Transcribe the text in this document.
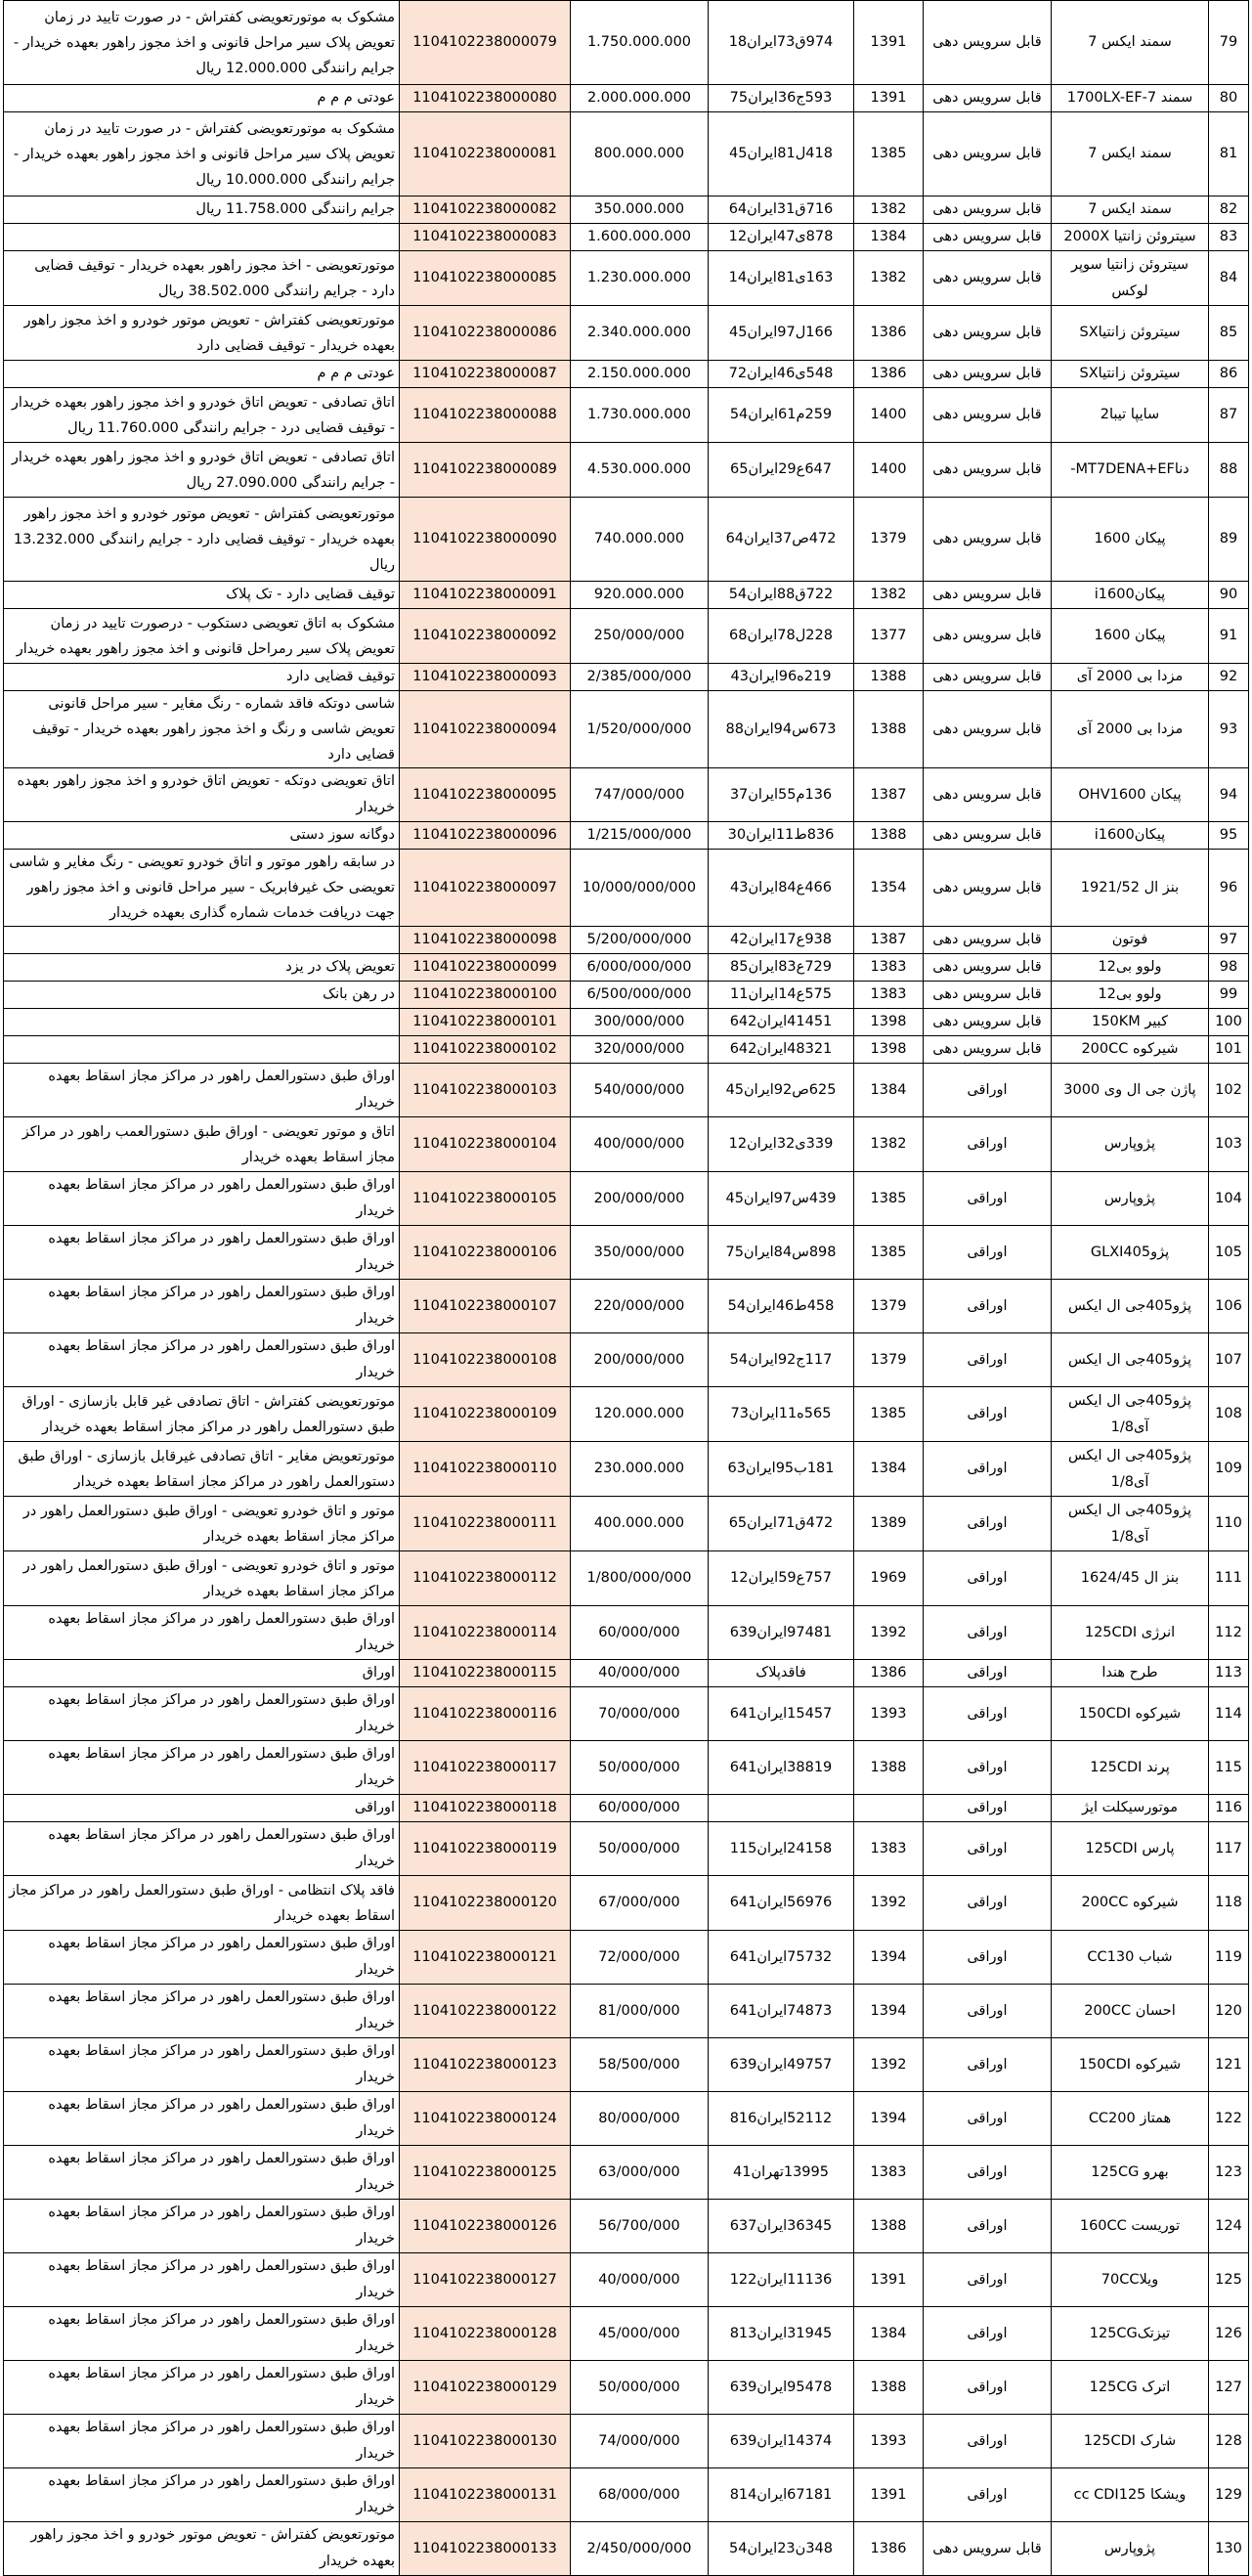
79	سمند ایکس 7	قابل سرویس دهی	1391	974ق73ایران18	1.750.000.000	1104102238000079	مشکوک به موتورتعویضی کفتراش - در صورت تایید در زمان تعویض پلاک سیر مراحل قانونی و اخذ مجوز راهور بعهده خریدار - جرایم رانندگی 12.000.000 ریال
80	سمند 1700LX-EF-7	قابل سرویس دهی	1391	593ج36ایران75	2.000.000.000	1104102238000080	عودتی م م م
81	سمند ایکس 7	قابل سرویس دهی	1385	418ل81ایران45	800.000.000	1104102238000081	مشکوک به موتورتعویضی کفتراش - در صورت تایید در زمان تعویض پلاک سیر مراحل قانونی و اخذ مجوز راهور بعهده خریدار - جرایم رانندگی 10.000.000 ریال
82	سمند ایکس 7	قابل سرویس دهی	1382	716ق31ایران64	350.000.000	1104102238000082	جرایم رانندگی 11.758.000 ریال
83	سیتروئن زانتیا 2000X	قابل سرویس دهی	1384	878ی47ایران12	1.600.000.000	1104102238000083	
84	سیتروئن زانتیا سوپر لوکس	قابل سرویس دهی	1382	163ی81ایران14	1.230.000.000	1104102238000085	موتورتعویضی - اخذ مجوز راهور بعهده خریدار - توقیف قضایی دارد - جرایم رانندگی 38.502.000 ریال
85	سیتروئن زانتیاSX	قابل سرویس دهی	1386	166ل97ایران45	2.340.000.000	1104102238000086	موتورتعویضی کفتراش - تعویض موتور خودرو و اخذ مجوز راهور بعهده خریدار - توقیف قضایی دارد
86	سیتروئن زانتیاSX	قابل سرویس دهی	1386	548ی46ایران72	2.150.000.000	1104102238000087	عودتی م م م
87	سایپا تیبا2	قابل سرویس دهی	1400	259م61ایران54	1.730.000.000	1104102238000088	اتاق تصادفی - تعویض اتاق خودرو و اخذ مجوز راهور بعهده خریدار - توقیف قضایی درد - جرایم رانندگی 11.760.000 ریال
88	دناMT7DENA+EF-	قابل سرویس دهی	1400	647ع29ایران65	4.530.000.000	1104102238000089	اتاق تصادفی - تعویض اتاق خودرو و اخذ مجوز راهور بعهده خریدار - جرایم رانندگی 27.090.000 ریال
89	پیکان 1600	قابل سرویس دهی	1379	472ص37ایران64	740.000.000	1104102238000090	موتورتعویضی کفتراش - تعویض موتور خودرو و اخذ مجوز راهور بعهده خریدار - توقیف قضایی دارد - جرایم رانندگی 13.232.000 ریال
90	پیکانi1600	قابل سرویس دهی	1382	722ق88ایران54	920.000.000	1104102238000091	توقیف قضایی دارد - تک پلاک
91	پیکان 1600	قابل سرویس دهی	1377	228ل78ایران68	250/000/000	1104102238000092	مشکوک به اتاق تعویضی دستکوب - درصورت تایید در زمان تعویض پلاک سیر رمراحل قانونی و اخذ مجوز راهور بعهده خریدار
92	مزدا بی 2000 آی	قابل سرویس دهی	1388	219ه96ایران43	2/385/000/000	1104102238000093	توقیف قضایی دارد
93	مزدا بی 2000 آی	قابل سرویس دهی	1388	673س94ایران88	1/520/000/000	1104102238000094	شاسی دوتکه فاقد شماره - رنگ مغایر - سیر مراحل قانونی تعویض شاسی و رنگ و اخذ مجوز راهور بعهده خریدار - توقیف قضایی دارد
94	پیکان OHV1600	قابل سرویس دهی	1387	136م55ایران37	747/000/000	1104102238000095	اتاق تعویضی دوتکه - تعویض اتاق خودرو و اخذ مجوز راهور بعهده خریدار
95	پیکانi1600	قابل سرویس دهی	1388	836ط11ایران30	1/215/000/000	1104102238000096	دوگانه سوز دستی
96	بنز ال 1921/52	قابل سرویس دهی	1354	466ع84ایران43	10/000/000/000	1104102238000097	در سابقه راهور موتور و اتاق خودرو تعویضی - رنگ مغایر و شاسی تعویضی حک غیرفابریک - سیر مراحل قانونی و اخذ مجوز راهور جهت دریافت خدمات شماره گذاری بعهده خریدار
97	فوتون	قابل سرویس دهی	1387	938ع17ایران42	5/200/000/000	1104102238000098	
98	ولوو بی12	قابل سرویس دهی	1383	729ع83ایران85	6/000/000/000	1104102238000099	تعویض پلاک در یزد
99	ولوو بی12	قابل سرویس دهی	1383	575ع14ایران11	6/500/000/000	1104102238000100	در رهن بانک
100	کبیر 150KM	قابل سرویس دهی	1398	41451ایران642	300/000/000	1104102238000101	
101	شیرکوه 200CC	قابل سرویس دهی	1398	48321ایران642	320/000/000	1104102238000102	
102	پاژن جی ال وی 3000	اوراقی	1384	625ص92ایران45	540/000/000	1104102238000103	اوراق طبق دستورالعمل راهور در مراکز مجاز اسقاط بعهده خریدار
103	پژوپارس	اوراقی	1382	339ی32ایران12	400/000/000	1104102238000104	اتاق و موتور تعویضی - اوراق طبق دستورالعمب راهور در مراکز مجاز اسقاط بعهده خریدار
104	پژوپارس	اوراقی	1385	439س97ایران45	200/000/000	1104102238000105	اوراق طبق دستورالعمل راهور در مراکز مجاز اسقاط بعهده خریدار
105	پژوGLXI405	اوراقی	1385	898س84ایران75	350/000/000	1104102238000106	اوراق طبق دستورالعمل راهور در مراکز مجاز اسقاط بعهده خریدار
106	پژو405جی ال ایکس	اوراقی	1379	458ط46ایران54	220/000/000	1104102238000107	اوراق طبق دستورالعمل راهور در مراکز مجاز اسقاط بعهده خریدار
107	پژو405جی ال ایکس	اوراقی	1379	117ج92ایران54	200/000/000	1104102238000108	اوراق طبق دستورالعمل راهور در مراکز مجاز اسقاط بعهده خریدار
108	پژو405جی ال ایکس آی1/8	اوراقی	1385	565ه11ایران73	120.000.000	1104102238000109	موتورتعویضی کفتراش - اتاق تصادفی غیر قابل بازسازی - اوراق طبق دستورالعمل راهور در مراکز مجاز اسقاط بعهده خریدار
109	پژو405جی ال ایکس آی1/8	اوراقی	1384	181ب95ایران63	230.000.000	1104102238000110	موتورتعویض مغایر - اتاق تصادفی غیرقابل بازسازی - اوراق طبق دستورالعمل راهور در مراکز مجاز اسقاط بعهده خریدار
110	پژو405جی ال ایکس آی1/8	اوراقی	1389	472ق71ایران65	400.000.000	1104102238000111	موتور و اتاق خودرو تعویضی - اوراق طبق دستورالعمل راهور در مراکز مجاز اسقاط بعهده خریدار
111	بنز ال 1624/45	اوراقی	1969	757ع59ایران12	1/800/000/000	1104102238000112	موتور و اتاق خودرو تعویضی - اوراق طبق دستورالعمل راهور در مراکز مجاز اسقاط بعهده خریدار
112	انرژی 125CDI	اوراقی	1392	97481ایران639	60/000/000	1104102238000114	اوراق طبق دستورالعمل راهور در مراکز مجاز اسقاط بعهده خریدار
113	طرح هندا	اوراقی	1386	فاقدپلاک	40/000/000	1104102238000115	اوراق
114	شیرکوه 150CDI	اوراقی	1393	15457ایران641	70/000/000	1104102238000116	اوراق طبق دستورالعمل راهور در مراکز مجاز اسقاط بعهده خریدار
115	پرند 125CDI	اوراقی	1388	38819ایران641	50/000/000	1104102238000117	اوراق طبق دستورالعمل راهور در مراکز مجاز اسقاط بعهده خریدار
116	موتورسیکلت ایژ	اوراقی			60/000/000	1104102238000118	اوراقی
117	پارس 125CDI	اوراقی	1383	24158ایران115	50/000/000	1104102238000119	اوراق طبق دستورالعمل راهور در مراکز مجاز اسقاط بعهده خریدار
118	شیرکوه 200CC	اوراقی	1392	56976ایران641	67/000/000	1104102238000120	فاقد پلاک انتظامی - اوراق طبق دستورالعمل راهور در مراکز مجاز اسقاط بعهده خریدار
119	شباب CC130	اوراقی	1394	75732ایران641	72/000/000	1104102238000121	اوراق طبق دستورالعمل راهور در مراکز مجاز اسقاط بعهده خریدار
120	احسان 200CC	اوراقی	1394	74873ایران641	81/000/000	1104102238000122	اوراق طبق دستورالعمل راهور در مراکز مجاز اسقاط بعهده خریدار
121	شیرکوه 150CDI	اوراقی	1392	49757ایران639	58/500/000	1104102238000123	اوراق طبق دستورالعمل راهور در مراکز مجاز اسقاط بعهده خریدار
122	همتاز CC200	اوراقی	1394	52112ایران816	80/000/000	1104102238000124	اوراق طبق دستورالعمل راهور در مراکز مجاز اسقاط بعهده خریدار
123	بهرو 125CG	اوراقی	1383	13995تهران41	63/000/000	1104102238000125	اوراق طبق دستورالعمل راهور در مراکز مجاز اسقاط بعهده خریدار
124	توریست 160CC	اوراقی	1388	36345ایران637	56/700/000	1104102238000126	اوراق طبق دستورالعمل راهور در مراکز مجاز اسقاط بعهده خریدار
125	ویلا70CC	اوراقی	1391	11136ایران122	40/000/000	1104102238000127	اوراق طبق دستورالعمل راهور در مراکز مجاز اسقاط بعهده خریدار
126	تیزتک125CG	اوراقی	1384	31945ایران813	45/000/000	1104102238000128	اوراق طبق دستورالعمل راهور در مراکز مجاز اسقاط بعهده خریدار
127	اترک 125CG	اوراقی	1388	95478ایران639	50/000/000	1104102238000129	اوراق طبق دستورالعمل راهور در مراکز مجاز اسقاط بعهده خریدار
128	شارک 125CDI	اوراقی	1393	14374ایران639	74/000/000	1104102238000130	اوراق طبق دستورالعمل راهور در مراکز مجاز اسقاط بعهده خریدار
129	ویشکا cc CDI125	اوراقی	1391	67181ایران814	68/000/000	1104102238000131	اوراق طبق دستورالعمل راهور در مراکز مجاز اسقاط بعهده خریدار
130	پژوپارس	قابل سرویس دهی	1386	348ن23ایران54	2/450/000/000	1104102238000133	موتورتعویض کفتراش - تعویض موتور خودرو و اخذ مجوز راهور بعهده خریدار
